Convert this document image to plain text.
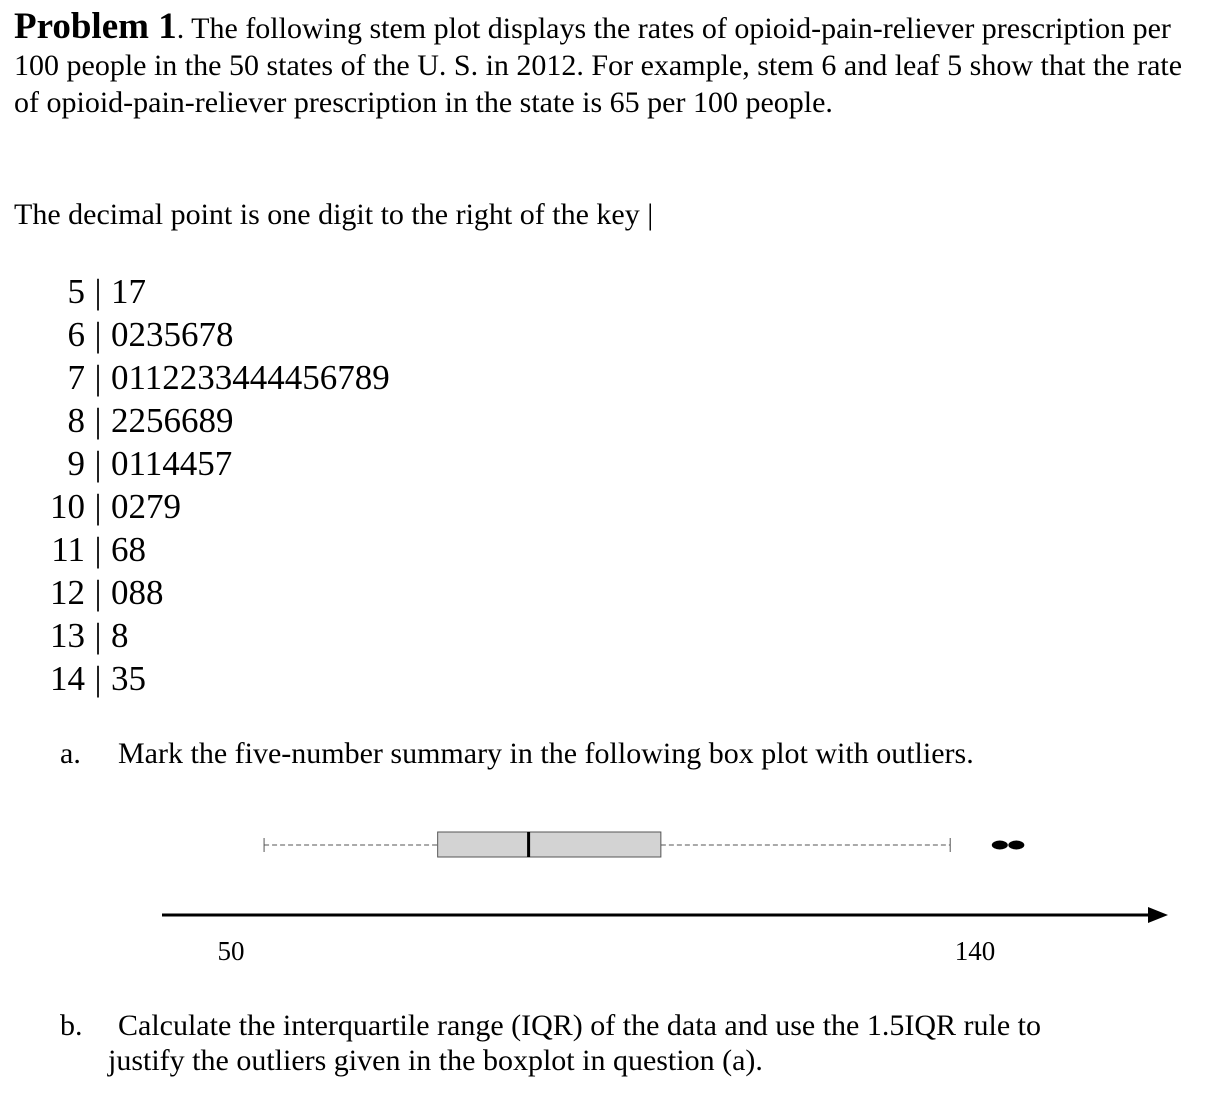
Problem 1. The following stem plot displays the rates of opioid-pain-reliever prescription per 100 people in the 50 states of the U. S. in 2012. For example, stem 6 and leaf 5 show that the rate of opioid-pain-reliever prescription in the state is 65 per 100 people.
The decimal point is one digit to the right of the key |
5 | 17
6 | 0235678
7 | 0112233444456789
8 | 2256689
9 | 0114457
10 | 0279
11 | 68
12 | 088
13 | 8
14 | 35
a. Mark the five-number summary in the following box plot with outliers.
50	140
b. Calculate the interquartile range (IQR) of the data and use the 1.5IQR rule to
justify the outliers given in the boxplot in question (a).
